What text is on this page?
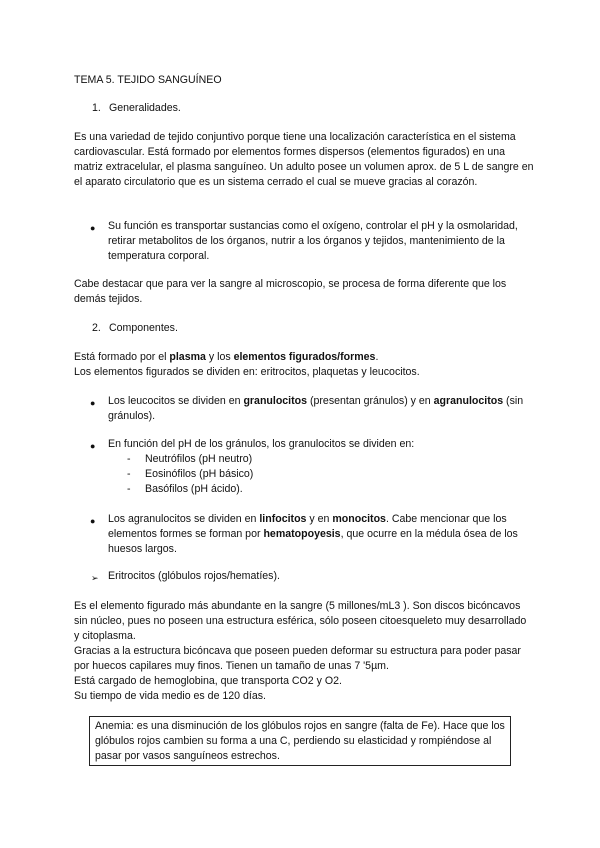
TEMA 5. TEJIDO SANGUÍNEO

1. Generalidades.

Es una variedad de tejido conjuntivo porque tiene una localización característica en el sistema cardiovascular. Está formado por elementos formes dispersos (elementos figurados) en una matriz extracelular, el plasma sanguíneo. Un adulto posee un volumen aprox. de 5 L de sangre en el aparato circulatorio que es un sistema cerrado el cual se mueve gracias al corazón.

● Su función es transportar sustancias como el oxígeno, controlar el pH y la osmolaridad, retirar metabolitos de los órganos, nutrir a los órganos y tejidos, mantenimiento de la temperatura corporal.

Cabe destacar que para ver la sangre al microscopio, se procesa de forma diferente que los demás tejidos.

2. Componentes.

Está formado por el plasma y los elementos figurados/formes.

Los elementos figurados se dividen en: eritrocitos, plaquetas y leucocitos.

● Los leucocitos se dividen en granulocitos (presentan gránulos) y en agranulocitos (sin gránulos).

● En función del pH de los gránulos, los granulocitos se dividen en:

- Neutrófilos (pH neutro)
- Eosinófilos (pH básico)
- Basófilos (pH ácido).
● Los agranulocitos se dividen en linfocitos y en monocitos. Cabe mencionar que los elementos formes se forman por hematopoyesis, que ocurre en la médula ósea de los huesos largos.

➢ Eritrocitos (glóbulos rojos/hematíes).

Es el elemento figurado más abundante en la sangre (5 millones/mL3 ). Son discos bicóncavos sin núcleo, pues no poseen una estructura esférica, sólo poseen citoesqueleto muy desarrollado y citoplasma.

Gracias a la estructura bicóncava que poseen pueden deformar su estructura para poder pasar por huecos capilares muy finos. Tienen un tamaño de unas 7 '5µm.

Está cargado de hemoglobina, que transporta CO2 y O2.

Su tiempo de vida medio es de 120 días.

Anemia: es una disminución de los glóbulos rojos en sangre (falta de Fe). Hace que los glóbulos rojos cambien su forma a una C, perdiendo su elasticidad y rompiéndose al pasar por vasos sanguíneos estrechos.
